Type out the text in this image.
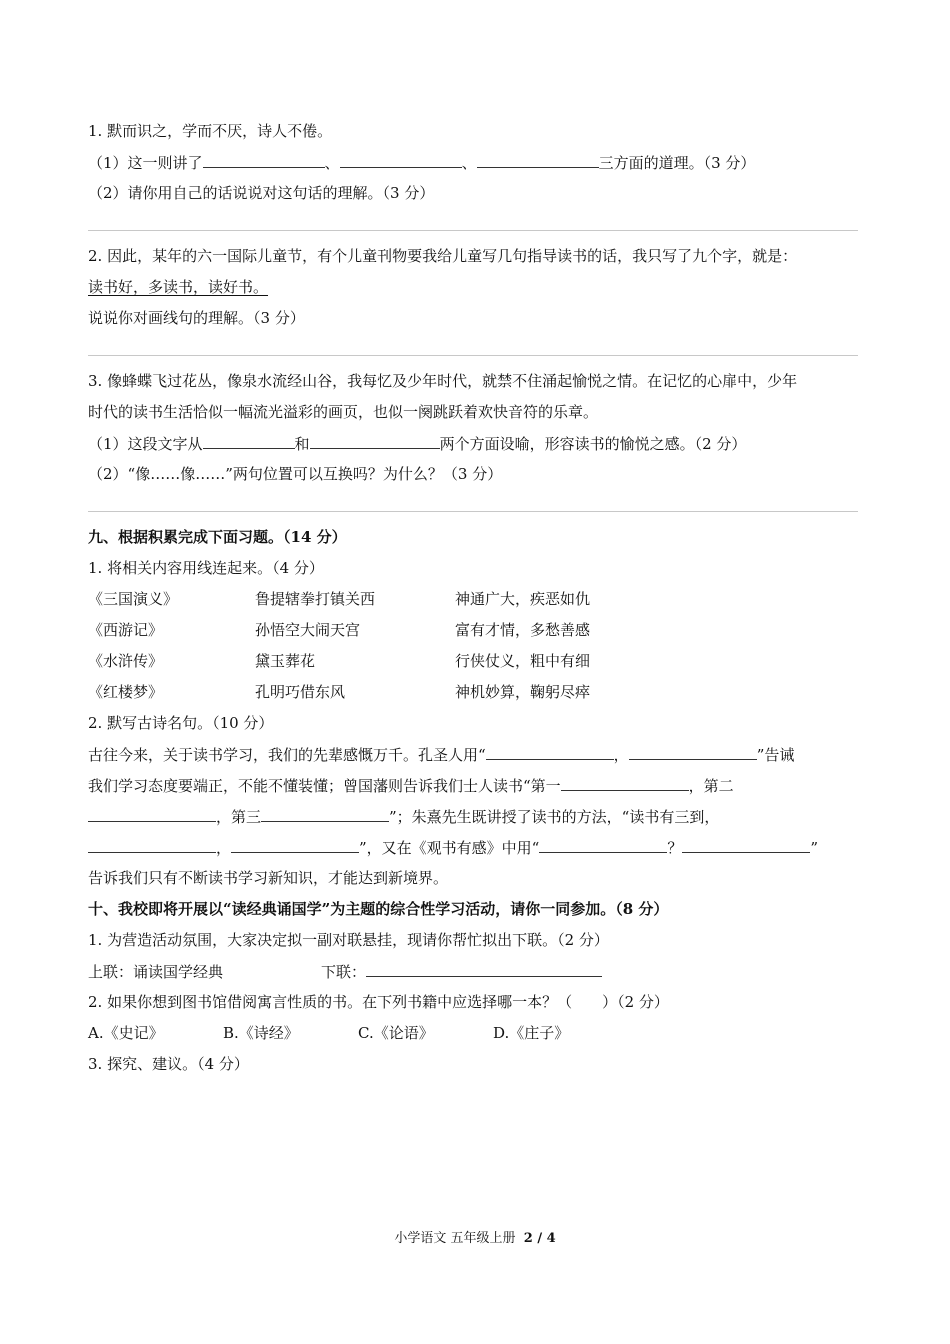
1. 默而识之，学而不厌，诗人不倦。
（1）这一则讲了	、	、	三方面的道理。（3 分）
（2）请你用自己的话说说对这句话的理解。（3 分）
2. 因此，某年的六一国际儿童节，有个儿童刊物要我给儿童写几句指导读书的话，我只写了九个字，就是：
读书好，多读书，读好书。
说说你对画线句的理解。（3 分）
3. 像蜂蝶飞过花丛，像泉水流经山谷，我每忆及少年时代，就禁不住涌起愉悦之情。在记忆的心扉中，少年
时代的读书生活恰似一幅流光溢彩的画页，也似一阕跳跃着欢快音符的乐章。
（1）这段文字从	和	两个方面设喻，形容读书的愉悦之感。（2 分）
（2）“像……像……”两句位置可以互换吗？为什么？（3 分）
九、根据积累完成下面习题。（14 分）
1. 将相关内容用线连起来。（4 分）
《三国演义》	鲁提辖拳打镇关西	神通广大，疾恶如仇
《西游记》	孙悟空大闹天宫	富有才情，多愁善感
《水浒传》	黛玉葬花	行侠仗义，粗中有细
《红楼梦》	孔明巧借东风	神机妙算，鞠躬尽瘁
2. 默写古诗名句。（10 分）
古往今来，关于读书学习，我们的先辈感慨万千。孔圣人用“	，	”告诫
我们学习态度要端正，不能不懂装懂；曾国藩则告诉我们士人读书“第一	，第二
，第三	”；朱熹先生既讲授了读书的方法，“读书有三到，
，	”，又在《观书有感》中用“	？	”
告诉我们只有不断读书学习新知识，才能达到新境界。
十、我校即将开展以“读经典诵国学”为主题的综合性学习活动，请你一同参加。（8 分）
1. 为营造活动氛围，大家决定拟一副对联悬挂，现请你帮忙拟出下联。（2 分）
上联：诵读国学经典	下联：
2. 如果你想到图书馆借阅寓言性质的书。在下列书籍中应选择哪一本？（　　）（2 分）
A.《史记》	B.《诗经》	C.《论语》	D.《庄子》
3. 探究、建议。（4 分）
小学语文 五年级上册 2 / 4
